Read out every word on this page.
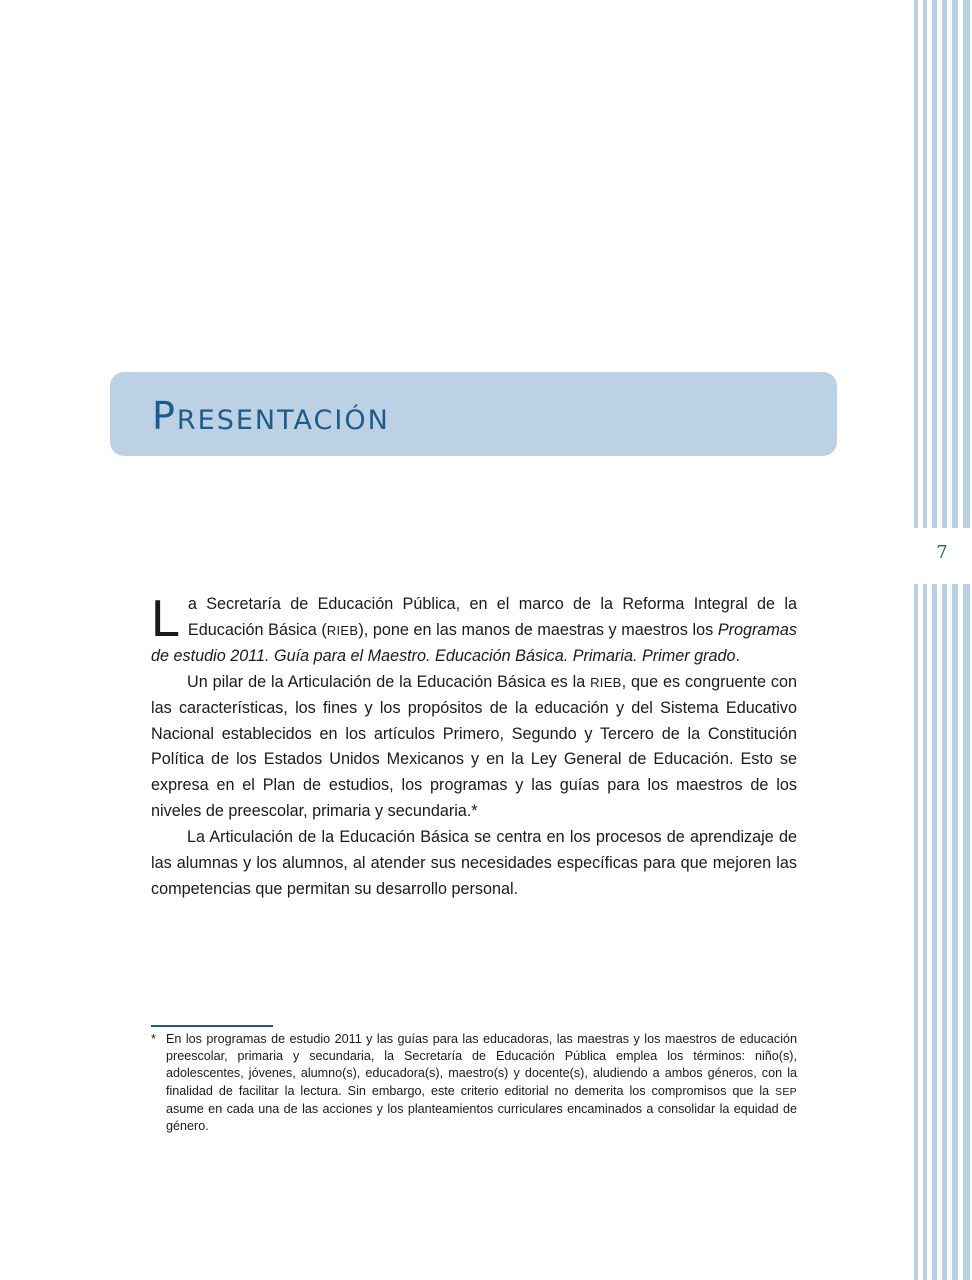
7
Presentación

La Secretaría de Educación Pública, en el marco de la Reforma Integral de la Educación Básica (RIEB), pone en las manos de maestras y maestros los Programas de estudio 2011. Guía para el Maestro. Educación Básica. Primaria. Primer grado.

Un pilar de la Articulación de la Educación Básica es la RIEB, que es congruente con las características, los fines y los propósitos de la educación y del Sistema Educativo Nacional establecidos en los artículos Primero, Segundo y Tercero de la Constitución Política de los Estados Unidos Mexicanos y en la Ley General de Educación. Esto se expresa en el Plan de estudios, los programas y las guías para los maestros de los niveles de preescolar, primaria y secundaria.*

La Articulación de la Educación Básica se centra en los procesos de aprendizaje de las alumnas y los alumnos, al atender sus necesidades específicas para que mejoren las competencias que permitan su desarrollo personal.

* En los programas de estudio 2011 y las guías para las educadoras, las maestras y los maestros de educación preescolar, primaria y secundaria, la Secretaría de Educación Pública emplea los términos: niño(s), adolescentes, jóvenes, alumno(s), educadora(s), maestro(s) y docente(s), aludiendo a ambos géneros, con la finalidad de facilitar la lectura. Sin embargo, este criterio editorial no demerita los compromisos que la SEP asume en cada una de las acciones y los planteamientos curriculares encaminados a consolidar la equidad de género.
